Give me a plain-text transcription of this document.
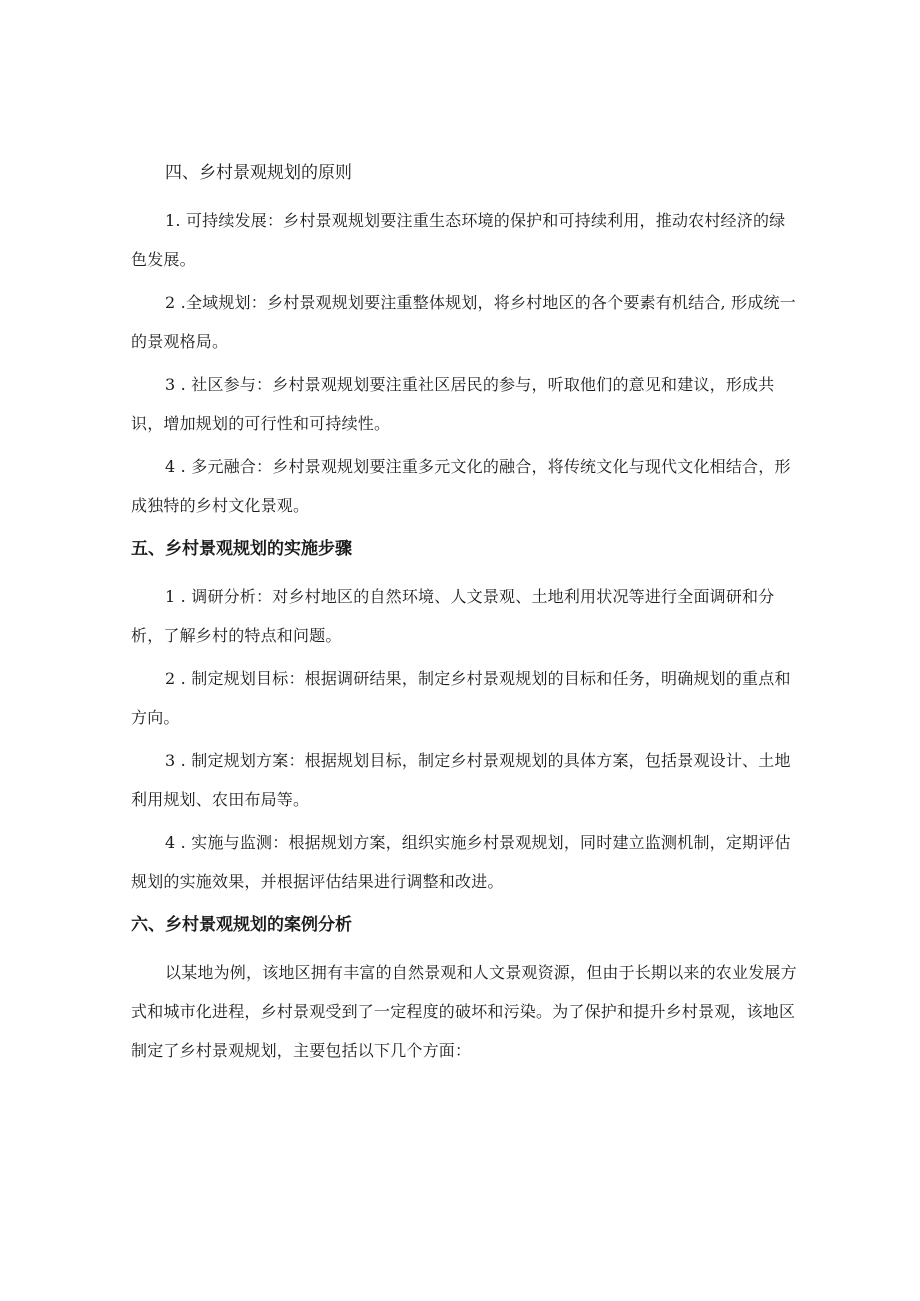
四、乡村景观规划的原则

1. 可持续发展：乡村景观规划要注重生态环境的保护和可持续利用，推动农村经济的绿色发展。

2 .全域规划：乡村景观规划要注重整体规划，将乡村地区的各个要素有机结合, 形成统一的景观格局。

3 . 社区参与：乡村景观规划要注重社区居民的参与，听取他们的意见和建议，形成共识，增加规划的可行性和可持续性。

4 . 多元融合：乡村景观规划要注重多元文化的融合，将传统文化与现代文化相结合，形成独特的乡村文化景观。

五、乡村景观规划的实施步骤

1 . 调研分析：对乡村地区的自然环境、人文景观、土地利用状况等进行全面调研和分析，了解乡村的特点和问题。

2 . 制定规划目标：根据调研结果，制定乡村景观规划的目标和任务，明确规划的重点和方向。

3 . 制定规划方案：根据规划目标，制定乡村景观规划的具体方案，包括景观设计、土地利用规划、农田布局等。

4 . 实施与监测：根据规划方案，组织实施乡村景观规划，同时建立监测机制，定期评估规划的实施效果，并根据评估结果进行调整和改进。

六、乡村景观规划的案例分析

以某地为例，该地区拥有丰富的自然景观和人文景观资源，但由于长期以来的农业发展方式和城市化进程，乡村景观受到了一定程度的破坏和污染。为了保护和提升乡村景观，该地区制定了乡村景观规划，主要包括以下几个方面：
